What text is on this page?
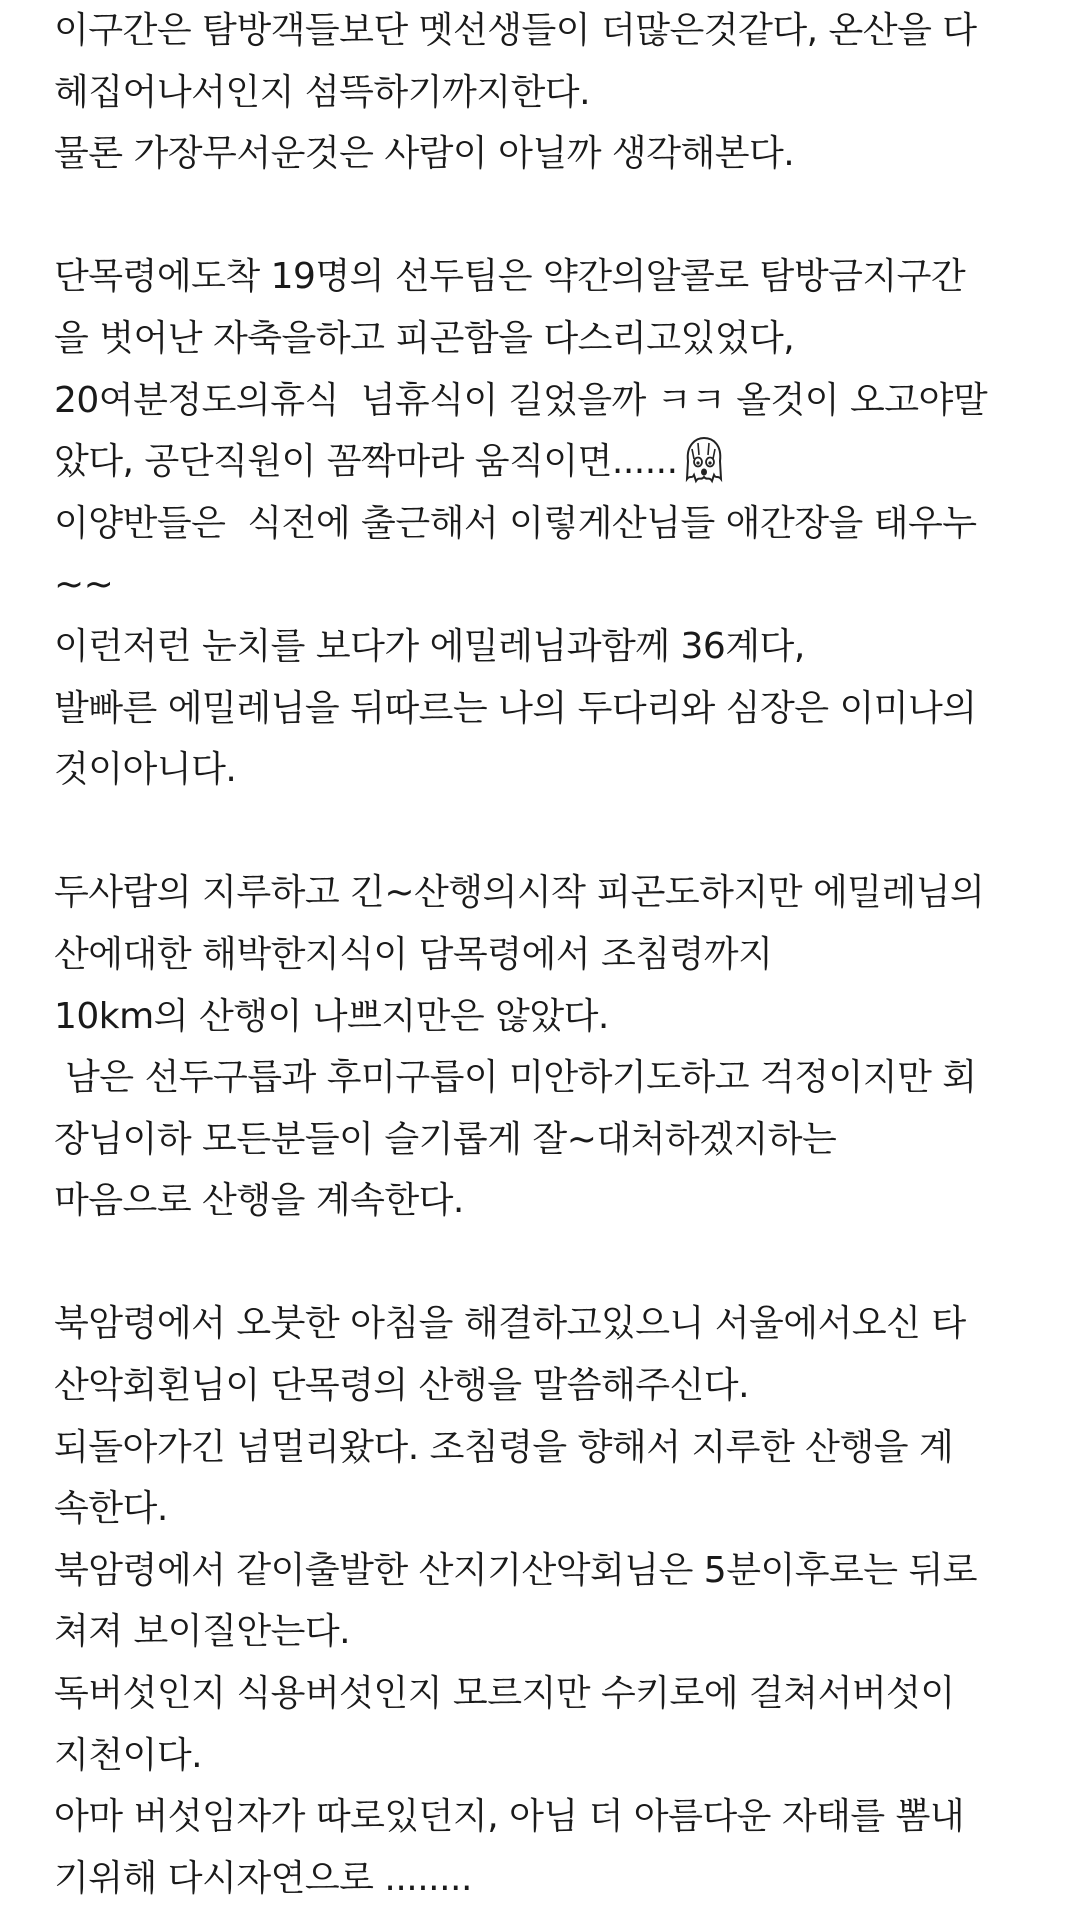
이구간은 탐방객들보단 멧선생들이 더많은것같다, 온산을 다
헤집어나서인지 섬뜩하기까지한다.
물론 가장무서운것은 사람이 아닐까 생각해본다.
단목령에도착 19명의 선두팀은 약간의알콜로 탐방금지구간
을 벗어난 자축을하고 피곤함을 다스리고있었다,
20여분정도의휴식  넘휴식이 길었을까 ㅋㅋ 올것이 오고야말
았다, 공단직원이 꼼짝마라 움직이면......
이양반들은  식전에 출근해서 이렇게산님들 애간장을 태우누
~~
이런저런 눈치를 보다가 에밀레님과함께 36계다,
발빠른 에밀레님을 뒤따르는 나의 두다리와 심장은 이미나의
것이아니다.
두사람의 지루하고 긴~산행의시작 피곤도하지만 에밀레님의
산에대한 해박한지식이 담목령에서 조침령까지
10km의 산행이 나쁘지만은 않았다.
남은 선두구릅과 후미구릅이 미안하기도하고 걱정이지만 회
장님이하 모든분들이 슬기롭게 잘~대처하겠지하는
마음으로 산행을 계속한다.
북암령에서 오붓한 아침을 해결하고있으니 서울에서오신 타
산악회횐님이 단목령의 산행을 말씀해주신다.
되돌아가긴 넘멀리왔다. 조침령을 향해서 지루한 산행을 계
속한다.
북암령에서 같이출발한 산지기산악회님은 5분이후로는 뒤로
쳐져 보이질안는다.
독버섯인지 식용버섯인지 모르지만 수키로에 걸쳐서버섯이
지천이다.
아마 버섯임자가 따로있던지, 아님 더 아름다운 자태를 뽐내
기위해 다시자연으로 ........
